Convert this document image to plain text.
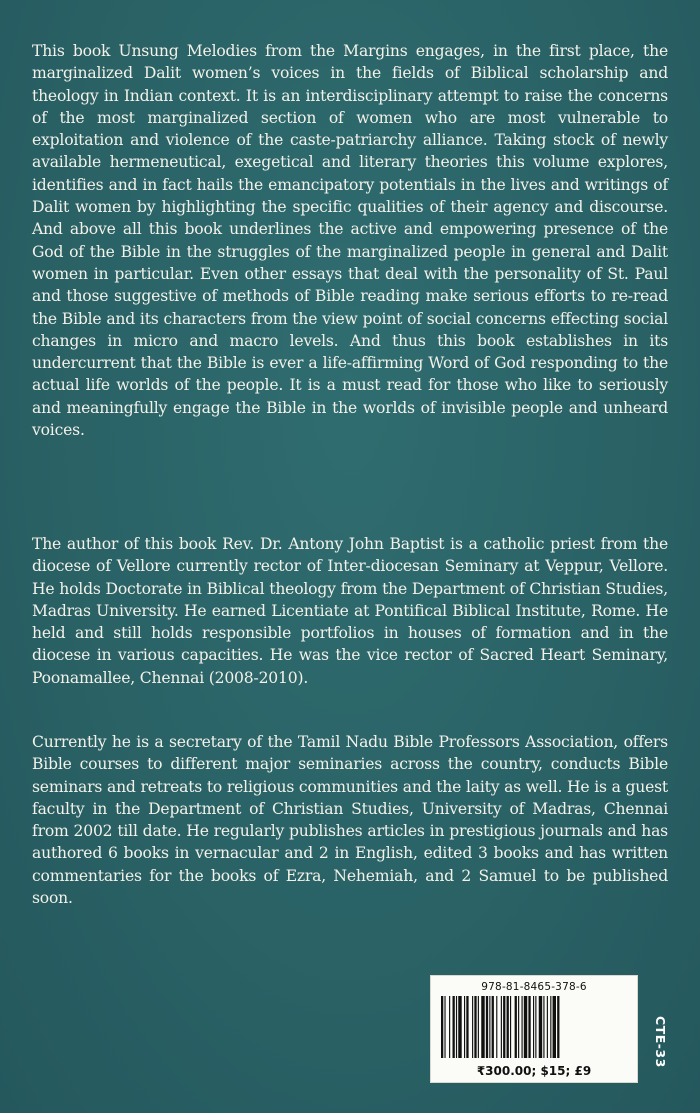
This book Unsung Melodies from the Margins engages, in the first place, the marginalized Dalit women’s voices in the fields of Biblical scholarship and theology in Indian context. It is an interdisciplinary attempt to raise the concerns of the most marginalized section of women who are most vulnerable to exploitation and violence of the caste-patriarchy alliance. Taking stock of newly available hermeneutical, exegetical and literary theories this volume explores, identifies and in fact hails the emancipatory potentials in the lives and writings of Dalit women by highlighting the specific qualities of their agency and discourse. And above all this book underlines the active and empowering presence of the God of the Bible in the struggles of the marginalized people in general and Dalit women in particular. Even other essays that deal with the personality of St. Paul and those suggestive of methods of Bible reading make serious efforts to re-read the Bible and its characters from the view point of social concerns effecting social changes in micro and macro levels. And thus this book establishes in its undercurrent that the Bible is ever a life-affirming Word of God responding to the actual life worlds of the people. It is a must read for those who like to seriously and meaningfully engage the Bible in the worlds of invisible people and unheard voices.

The author of this book Rev. Dr. Antony John Baptist is a catholic priest from the diocese of Vellore currently rector of Inter-diocesan Seminary at Veppur, Vellore. He holds Doctorate in Biblical theology from the Department of Christian Studies, Madras University. He earned Licentiate at Pontifical Biblical Institute, Rome. He held and still holds responsible portfolios in houses of formation and in the diocese in various capacities. He was the vice rector of Sacred Heart Seminary, Poonamallee, Chennai (2008-2010).

Currently he is a secretary of the Tamil Nadu Bible Professors Association, offers Bible courses to different major seminaries across the country, conducts Bible seminars and retreats to religious communities and the laity as well. He is a guest faculty in the Department of Christian Studies, University of Madras, Chennai from 2002 till date. He regularly publishes articles in prestigious journals and has authored 6 books in vernacular and 2 in English, edited 3 books and has written commentaries for the books of Ezra, Nehemiah, and 2 Samuel to be published soon.

978-81-8465-378-6
₹300.00; $15; £9
CTE-33
